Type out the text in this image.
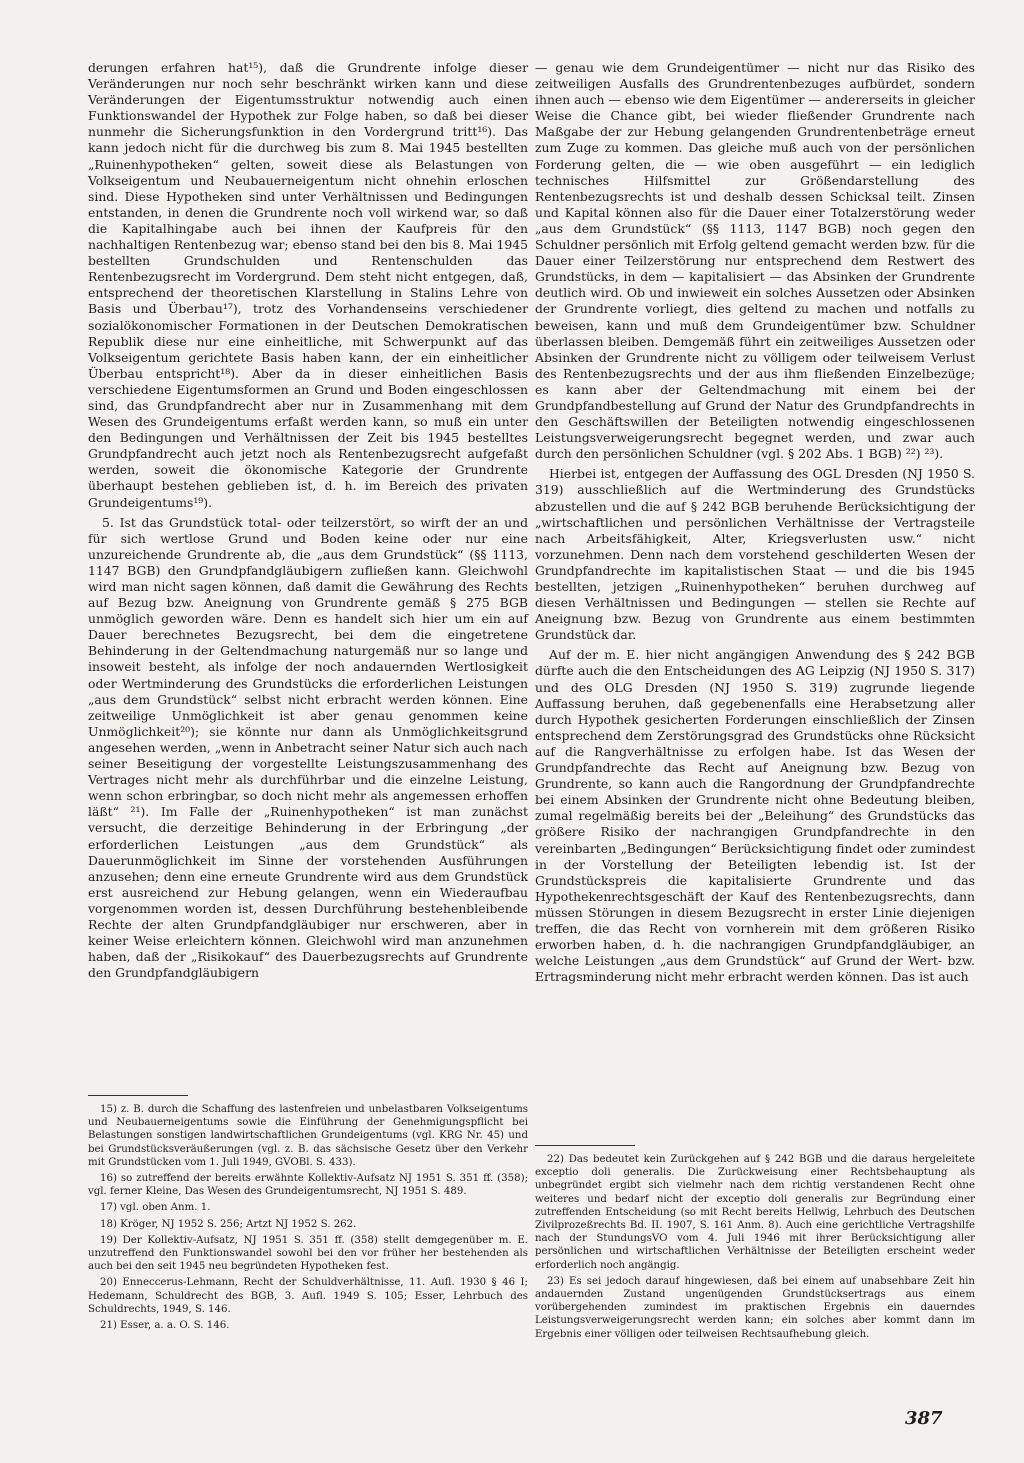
derungen erfahren hat¹⁵), daß die Grundrente infolge dieser Veränderungen nur noch sehr beschränkt wirken kann und diese Veränderungen der Eigentumsstruktur notwendig auch einen Funktionswandel der Hypothek zur Folge haben, so daß bei dieser nunmehr die Sicherungsfunktion in den Vordergrund tritt¹⁶). Das kann jedoch nicht für die durchweg bis zum 8. Mai 1945 bestellten „Ruinenhypotheken“ gelten, soweit diese als Belastungen von Volkseigentum und Neubauerneigentum nicht ohnehin erloschen sind. Diese Hypotheken sind unter Verhältnissen und Bedingungen entstanden, in denen die Grundrente noch voll wirkend war, so daß die Kapitalhingabe auch bei ihnen der Kaufpreis für den nachhaltigen Rentenbezug war; ebenso stand bei den bis 8. Mai 1945 bestellten Grundschulden und Rentenschulden das Rentenbezugsrecht im Vordergrund. Dem steht nicht entgegen, daß, entsprechend der theoretischen Klarstellung in Stalins Lehre von Basis und Überbau¹⁷), trotz des Vorhandenseins verschiedener sozialökonomischer Formationen in der Deutschen Demokratischen Republik diese nur eine einheitliche, mit Schwerpunkt auf das Volkseigentum gerichtete Basis haben kann, der ein einheitlicher Überbau entspricht¹⁸). Aber da in dieser einheitlichen Basis verschiedene Eigentumsformen an Grund und Boden eingeschlossen sind, das Grundpfandrecht aber nur in Zusammenhang mit dem Wesen des Grundeigentums erfaßt werden kann, so muß ein unter den Bedingungen und Verhältnissen der Zeit bis 1945 bestelltes Grundpfandrecht auch jetzt noch als Rentenbezugsrecht aufgefaßt werden, soweit die ökonomische Kategorie der Grundrente überhaupt bestehen geblieben ist, d. h. im Bereich des privaten Grundeigentums¹⁹).

5. Ist das Grundstück total- oder teilzerstört, so wirft der an und für sich wertlose Grund und Boden keine oder nur eine unzureichende Grundrente ab, die „aus dem Grundstück“ (§§ 1113, 1147 BGB) den Grundpfandgläubigern zufließen kann. Gleichwohl wird man nicht sagen können, daß damit die Gewährung des Rechts auf Bezug bzw. Aneignung von Grundrente gemäß § 275 BGB unmöglich geworden wäre. Denn es handelt sich hier um ein auf Dauer berechnetes Bezugsrecht, bei dem die eingetretene Behinderung in der Geltendmachung naturgemäß nur so lange und insoweit besteht, als infolge der noch andauernden Wertlosigkeit oder Wertminderung des Grundstücks die erforderlichen Leistungen „aus dem Grundstück“ selbst nicht erbracht werden können. Eine zeitweilige Unmöglichkeit ist aber genau genommen keine Unmöglichkeit²⁰); sie könnte nur dann als Unmöglichkeitsgrund angesehen werden, „wenn in Anbetracht seiner Natur sich auch nach seiner Beseitigung der vorgestellte Leistungszusammenhang des Vertrages nicht mehr als durchführbar und die einzelne Leistung, wenn schon erbringbar, so doch nicht mehr als angemessen erhoffen läßt“ ²¹). Im Falle der „Ruinenhypotheken“ ist man zunächst versucht, die derzeitige Behinderung in der Erbringung „der erforderlichen Leistungen „aus dem Grundstück“ als Dauerunmöglichkeit im Sinne der vorstehenden Ausführungen anzusehen; denn eine erneute Grundrente wird aus dem Grundstück erst ausreichend zur Hebung gelangen, wenn ein Wiederaufbau vorgenommen worden ist, dessen Durchführung bestehenbleibende Rechte der alten Grundpfandgläubiger nur erschweren, aber in keiner Weise erleichtern können. Gleichwohl wird man anzunehmen haben, daß der „Risikokauf“ des Dauerbezugsrechts auf Grundrente den Grundpfandgläubigern

— genau wie dem Grundeigentümer — nicht nur das Risiko des zeitweiligen Ausfalls des Grundrentenbezuges aufbürdet, sondern ihnen auch — ebenso wie dem Eigentümer — andererseits in gleicher Weise die Chance gibt, bei wieder fließender Grundrente nach Maßgabe der zur Hebung gelangenden Grundrentenbeträge erneut zum Zuge zu kommen. Das gleiche muß auch von der persönlichen Forderung gelten, die — wie oben ausgeführt — ein lediglich technisches Hilfsmittel zur Größendarstellung des Rentenbezugsrechts ist und deshalb dessen Schicksal teilt. Zinsen und Kapital können also für die Dauer einer Totalzerstörung weder „aus dem Grundstück“ (§§ 1113, 1147 BGB) noch gegen den Schuldner persönlich mit Erfolg geltend gemacht werden bzw. für die Dauer einer Teilzerstörung nur entsprechend dem Restwert des Grundstücks, in dem — kapitalisiert — das Absinken der Grundrente deutlich wird. Ob und inwieweit ein solches Aussetzen oder Absinken der Grundrente vorliegt, dies geltend zu machen und notfalls zu beweisen, kann und muß dem Grundeigentümer bzw. Schuldner überlassen bleiben. Demgemäß führt ein zeitweiliges Aussetzen oder Absinken der Grundrente nicht zu völligem oder teilweisem Verlust des Rentenbezugsrechts und der aus ihm fließenden Einzelbezüge; es kann aber der Geltendmachung mit einem bei der Grundpfandbestellung auf Grund der Natur des Grundpfandrechts in den Geschäftswillen der Beteiligten notwendig eingeschlossenen Leistungsverweigerungsrecht begegnet werden, und zwar auch durch den persönlichen Schuldner (vgl. § 202 Abs. 1 BGB) ²²) ²³).

Hierbei ist, entgegen der Auffassung des OGL Dresden (NJ 1950 S. 319) ausschließlich auf die Wertminderung des Grundstücks abzustellen und die auf § 242 BGB beruhende Berücksichtigung der „wirtschaftlichen und persönlichen Verhältnisse der Vertragsteile nach Arbeitsfähigkeit, Alter, Kriegsverlusten usw.“ nicht vorzunehmen. Denn nach dem vorstehend geschilderten Wesen der Grundpfandrechte im kapitalistischen Staat — und die bis 1945 bestellten, jetzigen „Ruinenhypotheken“ beruhen durchweg auf diesen Verhältnissen und Bedingungen — stellen sie Rechte auf Aneignung bzw. Bezug von Grundrente aus einem bestimmten Grundstück dar.

Auf der m. E. hier nicht angängigen Anwendung des § 242 BGB dürfte auch die den Entscheidungen des AG Leipzig (NJ 1950 S. 317) und des OLG Dresden (NJ 1950 S. 319) zugrunde liegende Auffassung beruhen, daß gegebenenfalls eine Herabsetzung aller durch Hypothek gesicherten Forderungen einschließlich der Zinsen entsprechend dem Zerstörungsgrad des Grundstücks ohne Rücksicht auf die Rangverhältnisse zu erfolgen habe. Ist das Wesen der Grundpfandrechte das Recht auf Aneignung bzw. Bezug von Grundrente, so kann auch die Rangordnung der Grundpfandrechte bei einem Absinken der Grundrente nicht ohne Bedeutung bleiben, zumal regelmäßig bereits bei der „Beleihung“ des Grundstücks das größere Risiko der nachrangigen Grundpfandrechte in den vereinbarten „Bedingungen“ Berücksichtigung findet oder zumindest in der Vorstellung der Beteiligten lebendig ist. Ist der Grundstückspreis die kapitalisierte Grundrente und das Hypothekenrechtsgeschäft der Kauf des Rentenbezugsrechts, dann müssen Störungen in diesem Bezugsrecht in erster Linie diejenigen treffen, die das Recht von vornherein mit dem größeren Risiko erworben haben, d. h. die nachrangigen Grundpfandgläubiger, an welche Leistungen „aus dem Grundstück“ auf Grund der Wert- bzw. Ertragsminderung nicht mehr erbracht werden können. Das ist auch

15) z. B. durch die Schaffung des lastenfreien und unbelastbaren Volkseigentums und Neubauerneigentums sowie die Einführung der Genehmigungspflicht bei Belastungen sonstigen landwirtschaftlichen Grundeigentums (vgl. KRG Nr. 45) und bei Grundstücksveräußerungen (vgl. z. B. das sächsische Gesetz über den Verkehr mit Grundstücken vom 1. Juli 1949, GVOBl. S. 433).

16) so zutreffend der bereits erwähnte Kollektiv-Aufsatz NJ 1951 S. 351 ff. (358); vgl. ferner Kleine, Das Wesen des Grundeigentumsrecht, NJ 1951 S. 489.

17) vgl. oben Anm. 1.

18) Kröger, NJ 1952 S. 256; Artzt NJ 1952 S. 262.

19) Der Kollektiv-Aufsatz, NJ 1951 S. 351 ff. (358) stellt demgegenüber m. E. unzutreffend den Funktionswandel sowohl bei den vor früher her bestehenden als auch bei den seit 1945 neu begründeten Hypotheken fest.

20) Enneccerus-Lehmann, Recht der Schuldverhältnisse, 11. Aufl. 1930 § 46 I; Hedemann, Schuldrecht des BGB, 3. Aufl. 1949 S. 105; Esser, Lehrbuch des Schuldrechts, 1949, S. 146.

21) Esser, a. a. O. S. 146.

22) Das bedeutet kein Zurückgehen auf § 242 BGB und die daraus hergeleitete exceptio doli generalis. Die Zurückweisung einer Rechtsbehauptung als unbegründet ergibt sich vielmehr nach dem richtig verstandenen Recht ohne weiteres und bedarf nicht der exceptio doli generalis zur Begründung einer zutreffenden Entscheidung (so mit Recht bereits Hellwig, Lehrbuch des Deutschen Zivilprozeßrechts Bd. II. 1907, S. 161 Anm. 8). Auch eine gerichtliche Vertragshilfe nach der StundungsVO vom 4. Juli 1946 mit ihrer Berücksichtigung aller persönlichen und wirtschaftlichen Verhältnisse der Beteiligten erscheint weder erforderlich noch angängig.

23) Es sei jedoch darauf hingewiesen, daß bei einem auf unabsehbare Zeit hin andauernden Zustand ungenügenden Grundstücksertrags aus einem vorübergehenden zumindest im praktischen Ergebnis ein dauerndes Leistungsverweigerungsrecht werden kann; ein solches aber kommt dann im Ergebnis einer völligen oder teilweisen Rechtsaufhebung gleich.

387
